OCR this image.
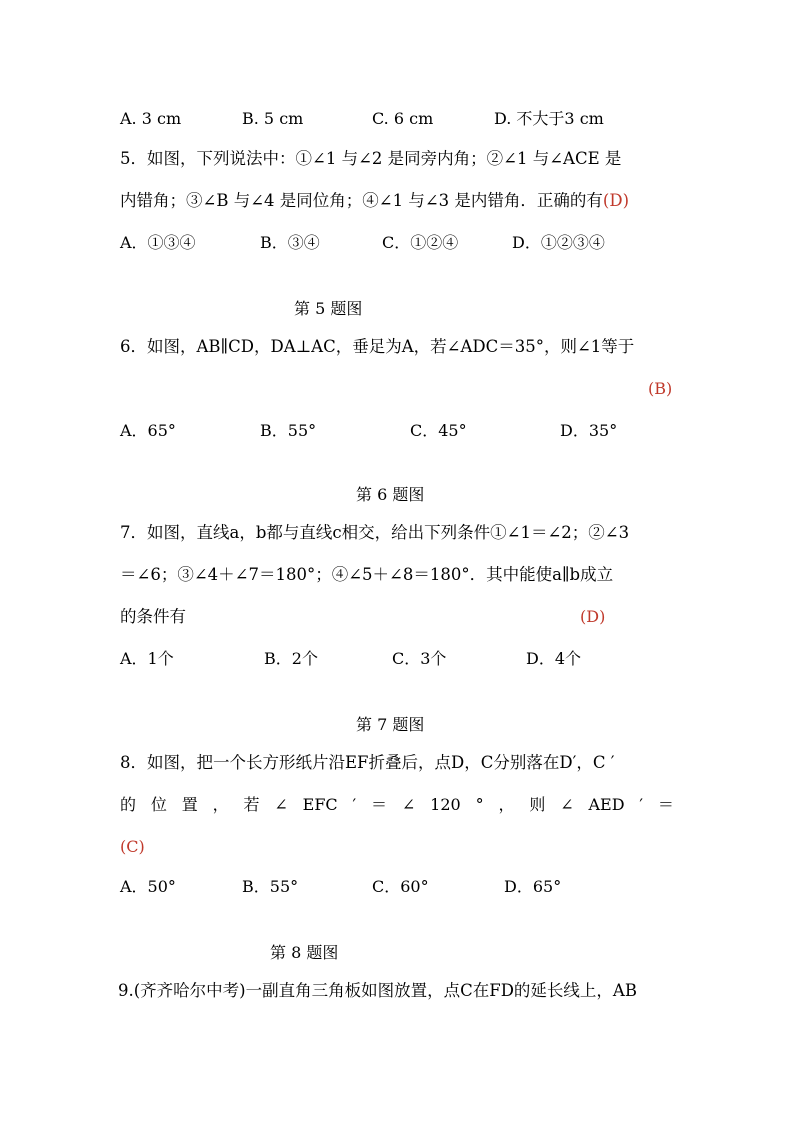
A. 3 cm	B. 5 cm	C. 6 cm	D. 不大于3 cm
5．如图，下列说法中：①∠1 与∠2 是同旁内角；②∠1 与∠ACE 是
内错角；③∠B 与∠4 是同位角；④∠1 与∠3 是内错角．正确的有(D)
A．①③④	B．③④	C．①②④	D．①②③④
第 5 题图
6．如图，AB∥CD，DA⊥AC，垂足为A，若∠ADC＝35°，则∠1等于
(B)
A．65°	B．55°	C．45°	D．35°
第 6 题图
7．如图，直线a，b都与直线c相交，给出下列条件①∠1＝∠2；②∠3
＝∠6；③∠4＋∠7＝180°；④∠5＋∠8＝180°．其中能使a∥b成立
的条件有	(D)
A．1个	B．2个	C．3个	D．4个
第 7 题图
8．如图，把一个长方形纸片沿EF折叠后，点D，C分别落在D′，C ′
的 位 置 ， 若 ∠ EFC ′ ＝ ∠ 120 ° ， 则 ∠ AED ′ ＝
(C)
A．50°	B．55°	C．60°	D．65°
第 8 题图
9.(齐齐哈尔中考)一副直角三角板如图放置，点C在FD的延长线上，AB
